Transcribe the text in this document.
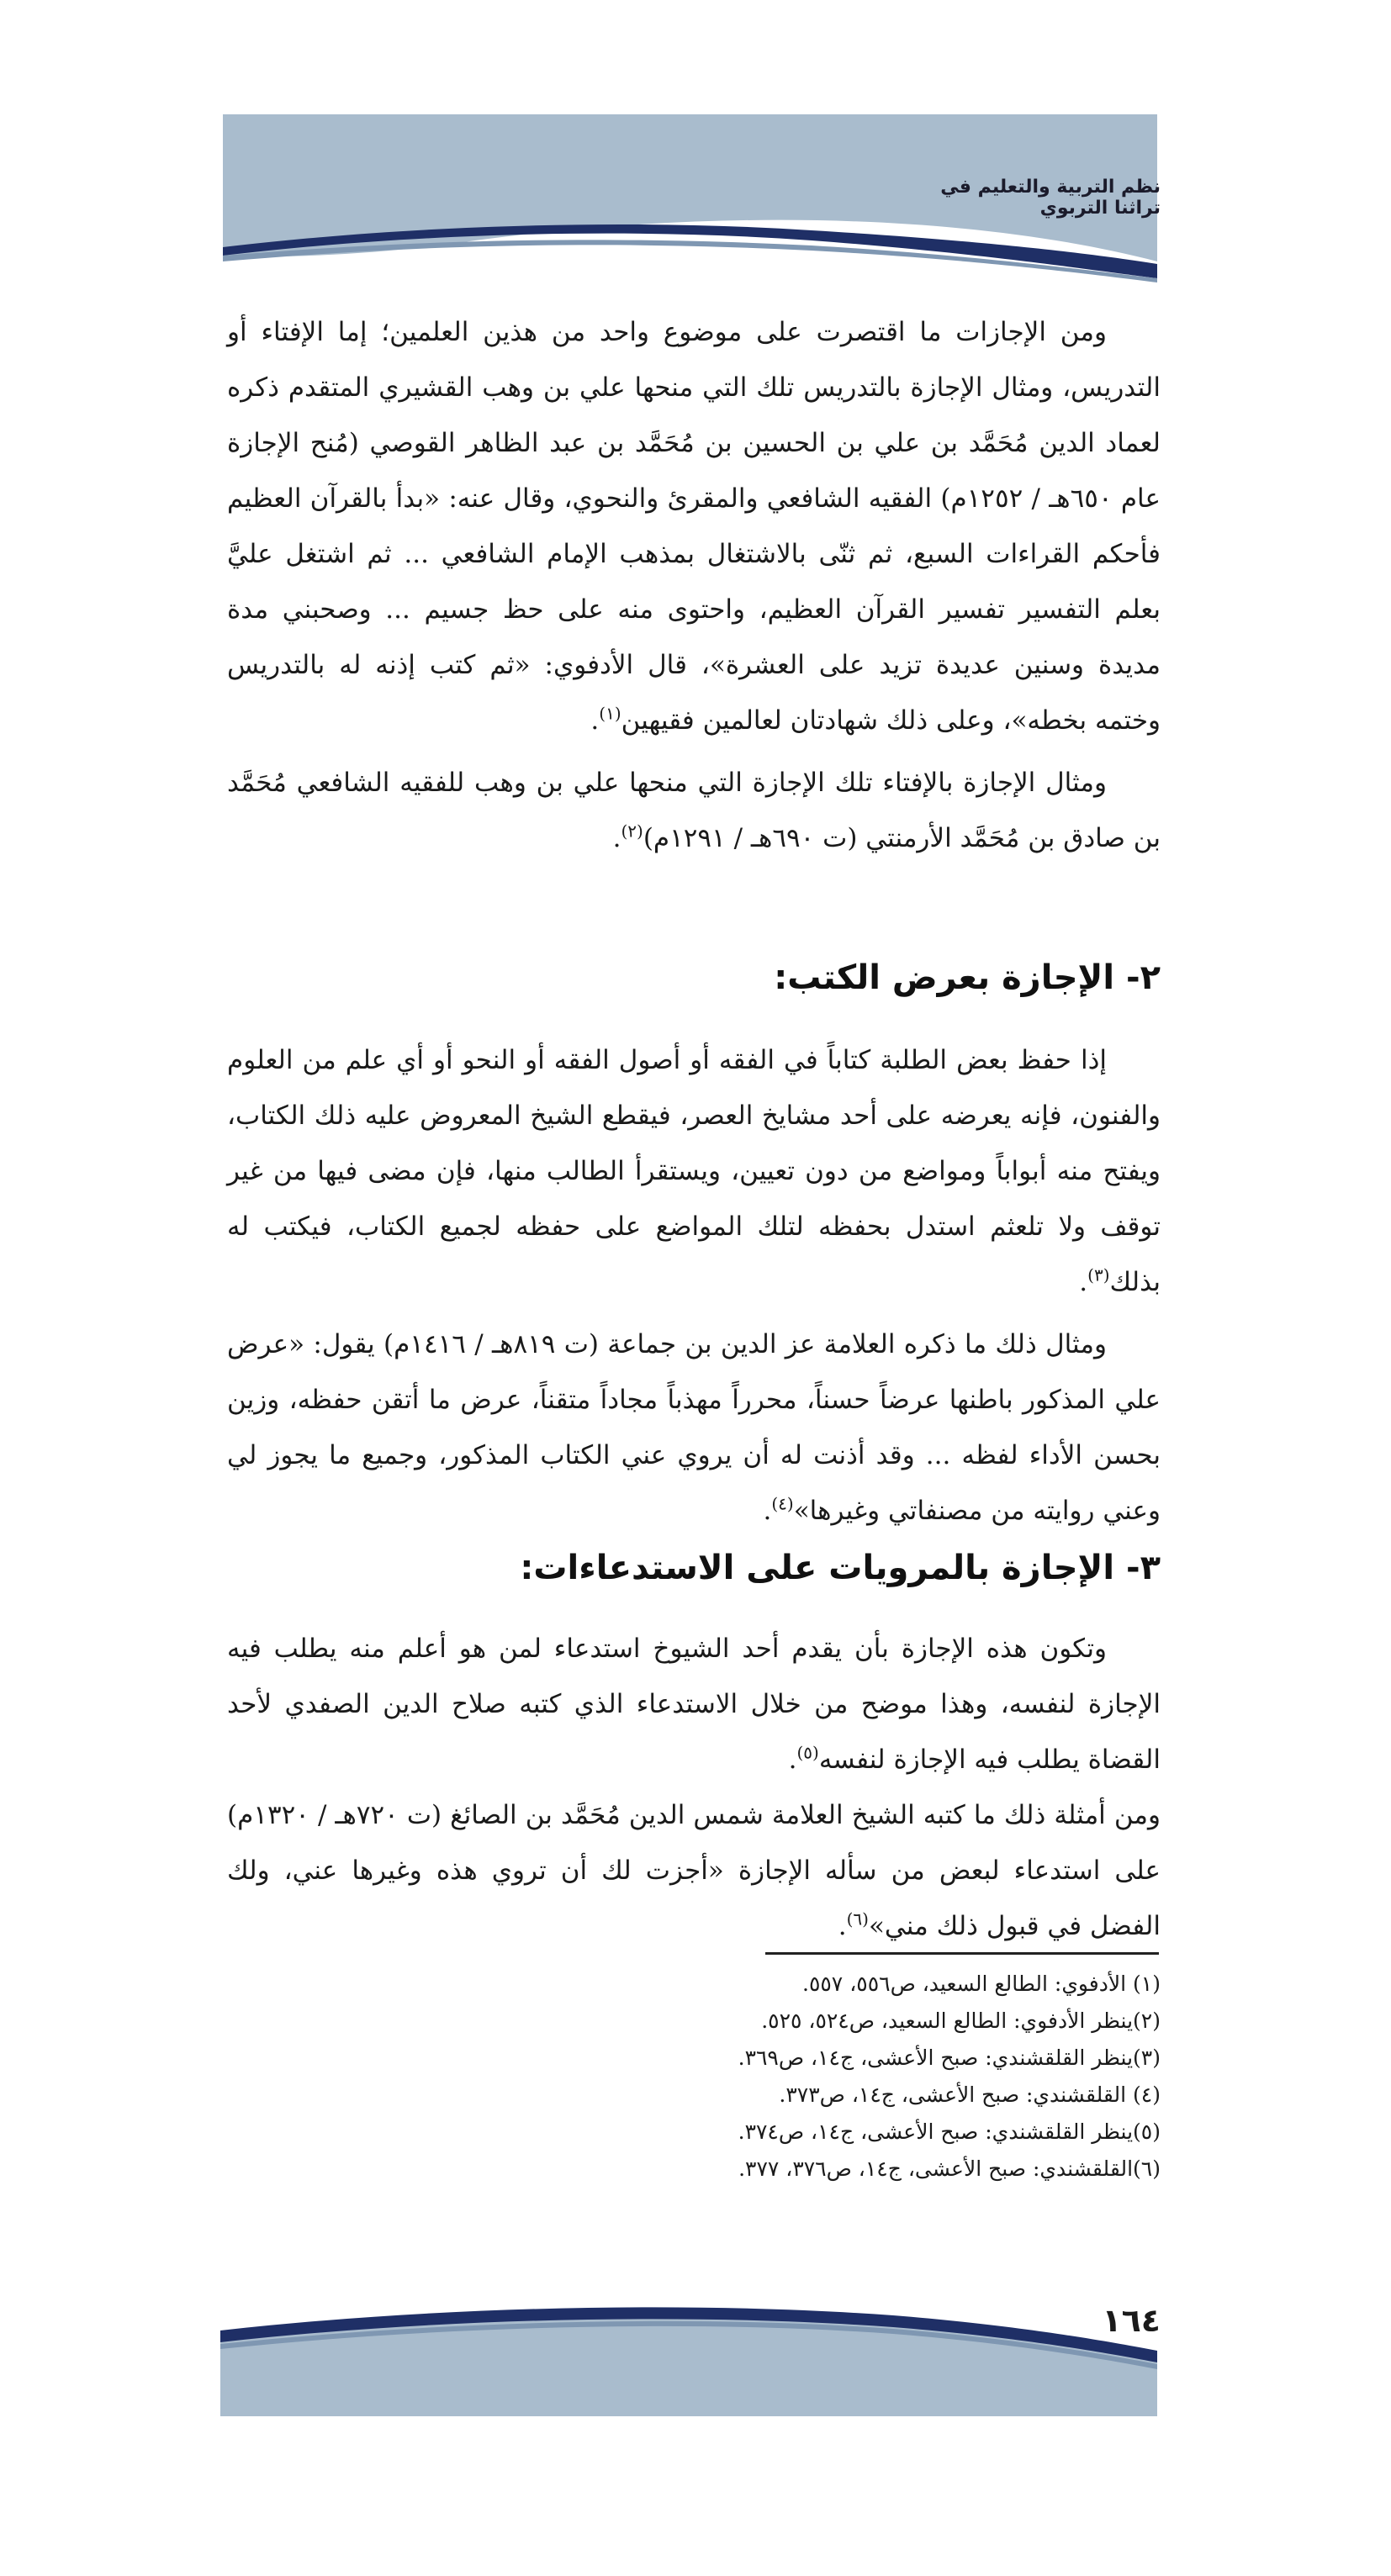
نظم التربية والتعليم في تراثنا التربوي

ومن الإجازات ما اقتصرت على موضوع واحد من هذين العلمين؛ إما الإفتاء أو التدريس، ومثال الإجازة بالتدريس تلك التي منحها علي بن وهب القشيري المتقدم ذكره لعماد الدين مُحَمَّد بن علي بن الحسين بن مُحَمَّد بن عبد الظاهر القوصي (مُنح الإجازة عام ٦٥٠هـ / ١٢٥٢م) الفقيه الشافعي والمقرئ والنحوي، وقال عنه: «بدأ بالقرآن العظيم فأحكم القراءات السبع، ثم ثنّى بالاشتغال بمذهب الإمام الشافعي ... ثم اشتغل عليَّ بعلم التفسير تفسير القرآن العظيم، واحتوى منه على حظ جسيم ... وصحبني مدة مديدة وسنين عديدة تزيد على العشرة»، قال الأدفوي: «ثم كتب إذنه له بالتدريس وختمه بخطه»، وعلى ذلك شهادتان لعالمين فقيهين$^{(١)}$.

ومثال الإجازة بالإفتاء تلك الإجازة التي منحها علي بن وهب للفقيه الشافعي مُحَمَّد بن صادق بن مُحَمَّد الأرمنتي (ت ٦٩٠هـ / ١٢٩١م)$^{(٢)}$.

٢- الإجازة بعرض الكتب:

إذا حفظ بعض الطلبة كتاباً في الفقه أو أصول الفقه أو النحو أو أي علم من العلوم والفنون، فإنه يعرضه على أحد مشايخ العصر، فيقطع الشيخ المعروض عليه ذلك الكتاب، ويفتح منه أبواباً ومواضع من دون تعيين، ويستقرأ الطالب منها، فإن مضى فيها من غير توقف ولا تلعثم استدل بحفظه لتلك المواضع على حفظه لجميع الكتاب، فيكتب له بذلك$^{(٣)}$.

ومثال ذلك ما ذكره العلامة عز الدين بن جماعة (ت ٨١٩هـ / ١٤١٦م) يقول: «عرض علي المذكور باطنها عرضاً حسناً، محرراً مهذباً مجاداً متقناً، عرض ما أتقن حفظه، وزين بحسن الأداء لفظه ... وقد أذنت له أن يروي عني الكتاب المذكور، وجميع ما يجوز لي وعني روايته من مصنفاتي وغيرها»$^{(٤)}$.

٣- الإجازة بالمرويات على الاستدعاءات:

وتكون هذه الإجازة بأن يقدم أحد الشيوخ استدعاء لمن هو أعلم منه يطلب فيه الإجازة لنفسه، وهذا موضح من خلال الاستدعاء الذي كتبه صلاح الدين الصفدي لأحد القضاة يطلب فيه الإجازة لنفسه$^{(٥)}$.

ومن أمثلة ذلك ما كتبه الشيخ العلامة شمس الدين مُحَمَّد بن الصائغ (ت ٧٢٠هـ / ١٣٢٠م) على استدعاء لبعض من سأله الإجازة «أجزت لك أن تروي هذه وغيرها عني، ولك الفضل في قبول ذلك مني»$^{(٦)}$.

(١) الأدفوي: الطالع السعيد، ص٥٥٦، ٥٥٧.

(٢)ينظر الأدفوي: الطالع السعيد، ص٥٢٤، ٥٢٥.

(٣)ينظر القلقشندي: صبح الأعشى، ج١٤، ص٣٦٩.

(٤) القلقشندي: صبح الأعشى، ج١٤، ص٣٧٣.

(٥)ينظر القلقشندي: صبح الأعشى، ج١٤، ص٣٧٤.

(٦)القلقشندي: صبح الأعشى، ج١٤، ص٣٧٦، ٣٧٧.

١٦٤
